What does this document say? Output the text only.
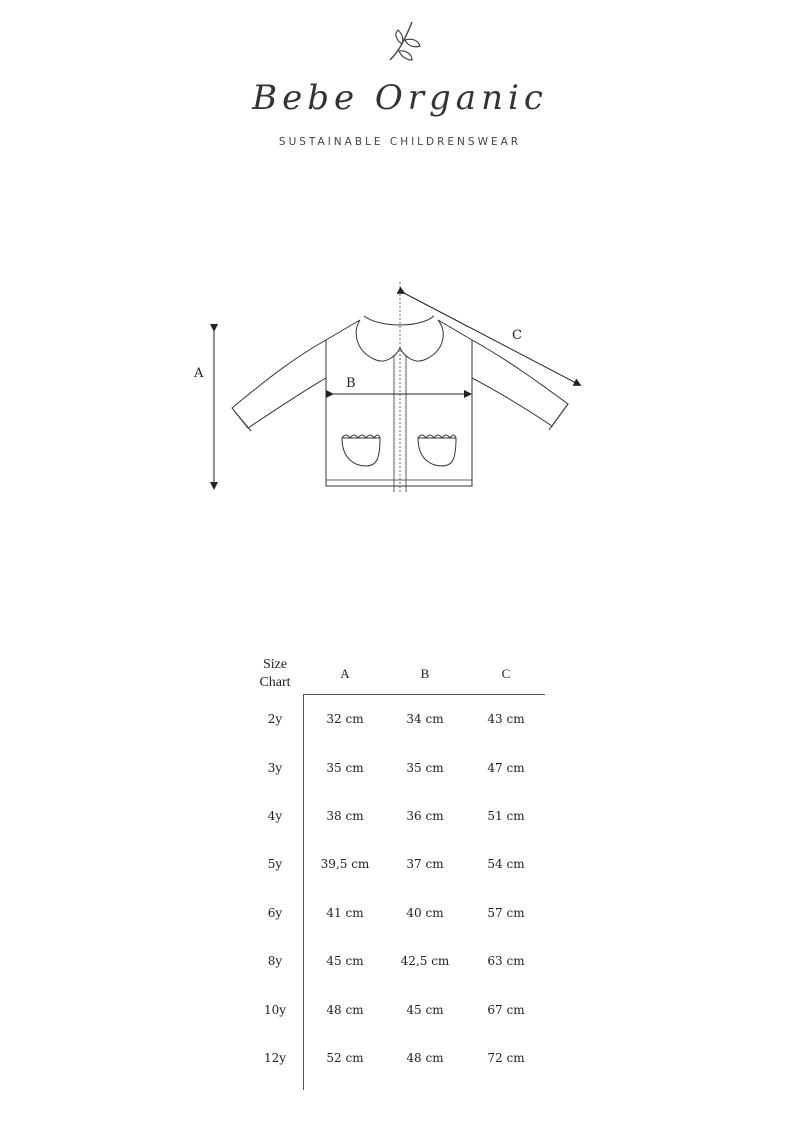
Bebe Organic
SUSTAINABLE CHILDRENSWEAR
A
B
C
Size Chart
A	B	C
2y	32 cm	34 cm	43 cm
3y	35 cm	35 cm	47 cm
4y	38 cm	36 cm	51 cm
5y	39,5 cm	37 cm	54 cm
6y	41 cm	40 cm	57 cm
8y	45 cm	42,5 cm	63 cm
10y	48 cm	45 cm	67 cm
12y	52 cm	48 cm	72 cm
